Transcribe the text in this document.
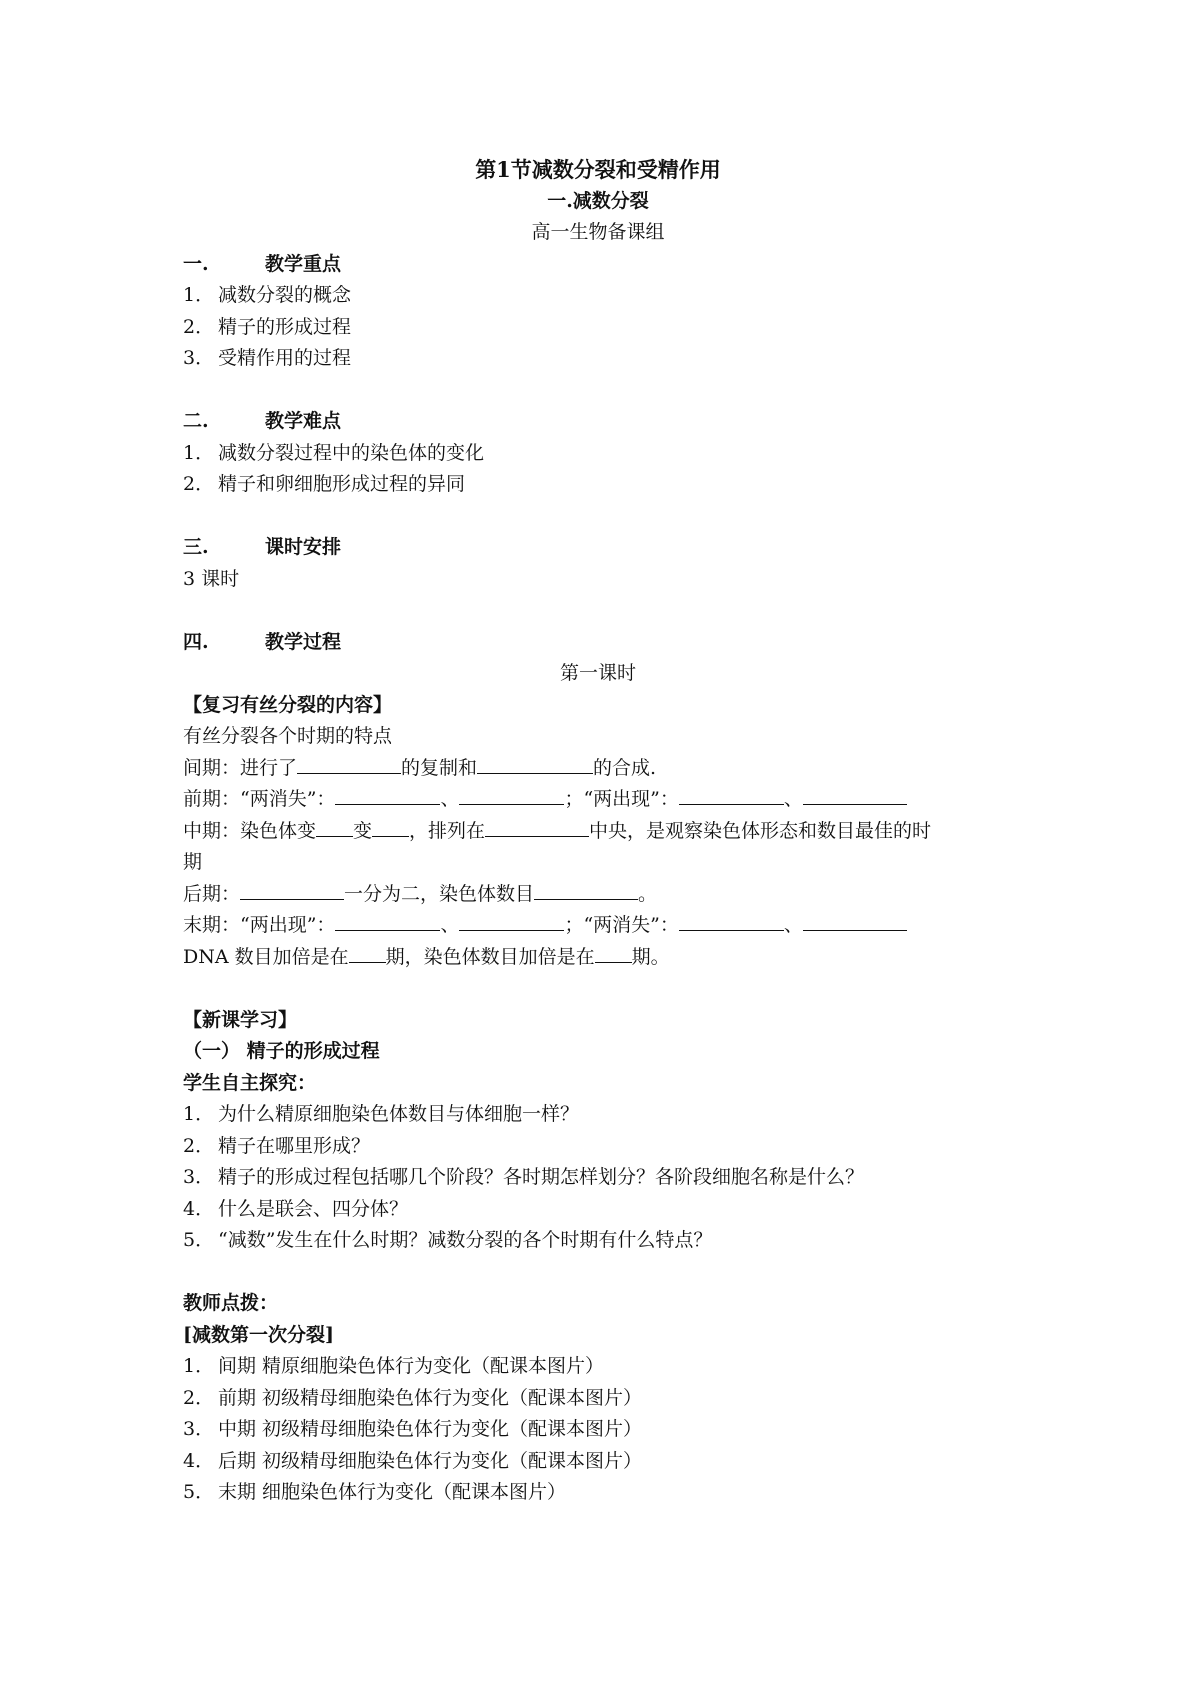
第1节减数分裂和受精作用
一.减数分裂
高一生物备课组
一.	教学重点
1． 减数分裂的概念
2． 精子的形成过程
3． 受精作用的过程
二.	教学难点
1． 减数分裂过程中的染色体的变化
2． 精子和卵细胞形成过程的异同
三.	课时安排
3 课时
四.	教学过程
第一课时
【复习有丝分裂的内容】
有丝分裂各个时期的特点
间期：进行了	的复制和	的合成.
前期：“两消失”：	、	；“两出现”：	、
中期：染色体变 变 ，排列在	中央，是观察染色体形态和数目最佳的时
期
后期：	一分为二，染色体数目	。
末期：“两出现”：	、	；“两消失”：	、
DNA 数目加倍是在 期，染色体数目加倍是在 期。
【新课学习】
（一） 精子的形成过程
学生自主探究：
1． 为什么精原细胞染色体数目与体细胞一样？
2． 精子在哪里形成？
3． 精子的形成过程包括哪几个阶段？各时期怎样划分？各阶段细胞名称是什么？
4． 什么是联会、四分体？
5． “减数”发生在什么时期？减数分裂的各个时期有什么特点？
教师点拨：
[减数第一次分裂]
1． 间期 精原细胞染色体行为变化（配课本图片）
2． 前期 初级精母细胞染色体行为变化（配课本图片）
3． 中期 初级精母细胞染色体行为变化（配课本图片）
4． 后期 初级精母细胞染色体行为变化（配课本图片）
5． 末期 细胞染色体行为变化（配课本图片）
